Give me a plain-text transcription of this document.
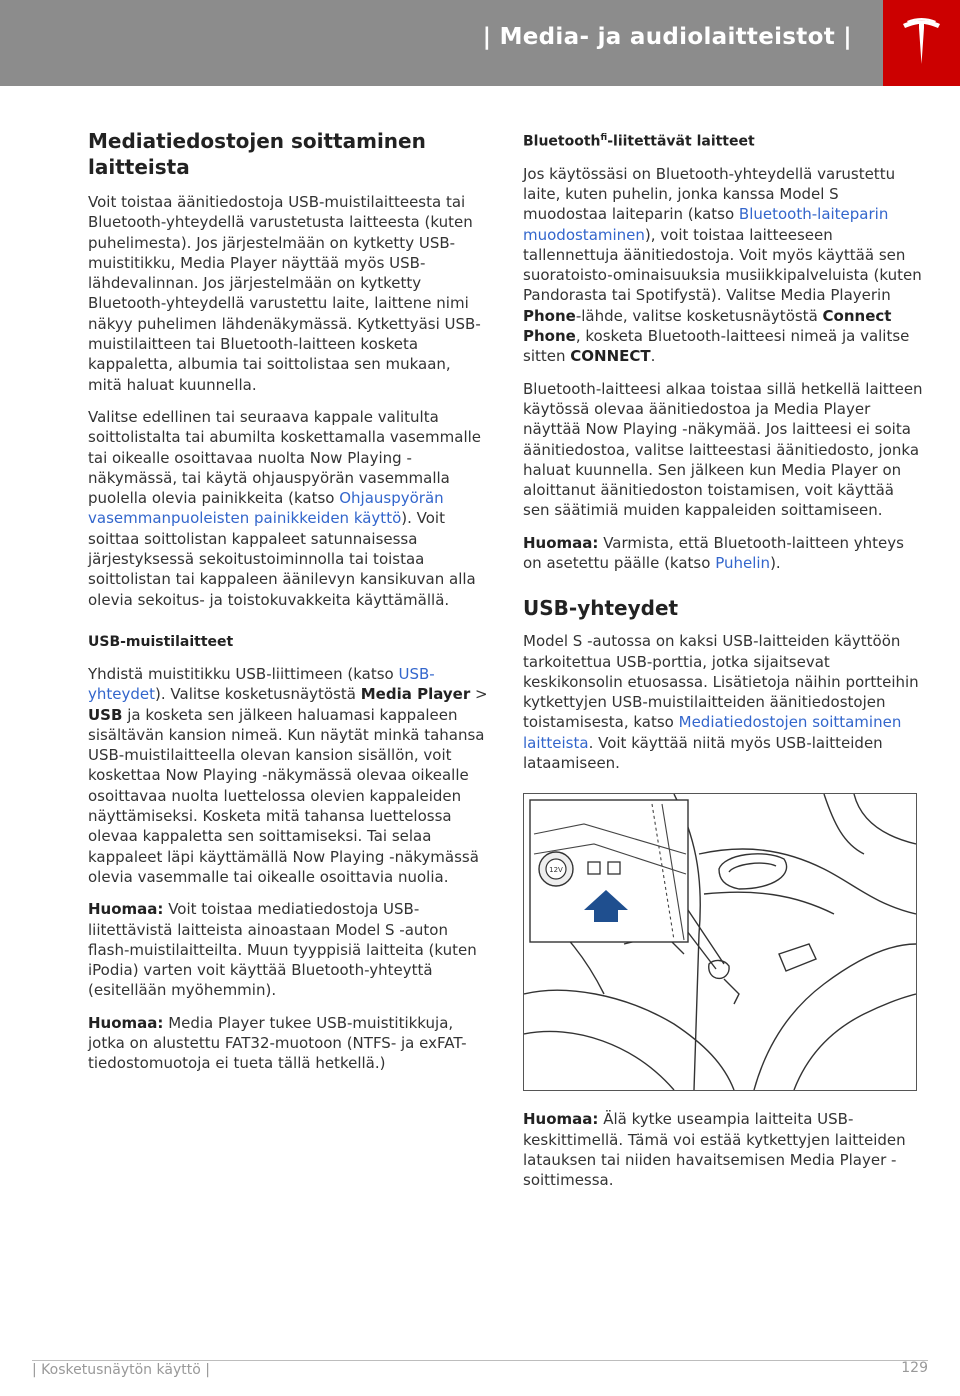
| Media- ja audiolaitteistot |
Mediatiedostojen soittaminen
laitteista

Voit toistaa äänitiedostoja USB-muistilaitteesta tai Bluetooth-yhteydellä varustetusta laitteesta (kuten puhelimesta). Jos järjestelmään on kytketty USB-muistitikku, Media Player näyttää myös USB-lähdevalinnan. Jos järjestelmään on kytketty Bluetooth-yhteydellä varustettu laite, laittene nimi näkyy puhelimen lähdenäkymässä. Kytkettyäsi USB-muistilaitteen tai Bluetooth-laitteen kosketa kappaletta, albumia tai soittolistaa sen mukaan, mitä haluat kuunnella.

Valitse edellinen tai seuraava kappale valitulta soittolistalta tai abumilta koskettamalla vasemmalle tai oikealle osoittavaa nuolta Now Playing -näkymässä, tai käytä ohjauspyörän vasemmalla puolella olevia painikkeita (katso Ohjauspyörän vasemmanpuoleisten painikkeiden käyttö). Voit soittaa soittolistan kappaleet satunnaisessa järjestyksessä sekoitustoiminnolla tai toistaa soittolistan tai kappaleen äänilevyn kansikuvan alla olevia sekoitus- ja toistokuvakkeita käyttämällä.

USB-muistilaitteet

Yhdistä muistitikku USB-liittimeen (katso USB-yhteydet). Valitse kosketusnäytöstä Media Player > USB ja kosketa sen jälkeen haluamasi kappaleen sisältävän kansion nimeä. Kun näytät minkä tahansa USB-muistilaitteella olevan kansion sisällön, voit koskettaa Now Playing -näkymässä olevaa oikealle osoittavaa nuolta luettelossa olevien kappaleiden näyttämiseksi. Kosketa mitä tahansa luettelossa olevaa kappaletta sen soittamiseksi. Tai selaa kappaleet läpi käyttämällä Now Playing -näkymässä olevia vasemmalle tai oikealle osoittavia nuolia.

Huomaa: Voit toistaa mediatiedostoja USB-liitettävistä laitteista ainoastaan Model S -auton flash-muistilaitteilta. Muun tyyppisiä laitteita (kuten iPodia) varten voit käyttää Bluetooth-yhteyttä (esitellään myöhemmin).

Huomaa: Media Player tukee USB-muistitikkuja, jotka on alustettu FAT32-muotoon (NTFS- ja exFAT-tiedostomuotoja ei tueta tällä hetkellä.)

Bluetooth$^{fi}$-liitettävät laitteet

Jos käytössäsi on Bluetooth-yhteydellä varustettu laite, kuten puhelin, jonka kanssa Model S muodostaa laiteparin (katso Bluetooth-laiteparin muodostaminen), voit toistaa laitteeseen tallennettuja äänitiedostoja. Voit myös käyttää sen suoratoisto-ominaisuuksia musiikkipalveluista (kuten Pandorasta tai Spotifystä). Valitse Media Playerin Phone-lähde, valitse kosketusnäytöstä Connect Phone, kosketa Bluetooth-laitteesi nimeä ja valitse sitten CONNECT.

Bluetooth-laitteesi alkaa toistaa sillä hetkellä laitteen käytössä olevaa äänitiedostoa ja Media Player näyttää Now Playing -näkymää. Jos laitteesi ei soita äänitiedostoa, valitse laitteestasi äänitiedosto, jonka haluat kuunnella. Sen jälkeen kun Media Player on aloittanut äänitiedoston toistamisen, voit käyttää sen säätimiä muiden kappaleiden soittamiseen.

Huomaa: Varmista, että Bluetooth-laitteen yhteys on asetettu päälle (katso Puhelin).

USB-yhteydet

Model S -autossa on kaksi USB-laitteiden käyttöön tarkoitettua USB-porttia, jotka sijaitsevat keskikonsolin etuosassa. Lisätietoja näihin portteihin kytkettyjen USB-muistilaitteiden äänitiedostojen toistamisesta, katso Mediatiedostojen soittaminen laitteista. Voit käyttää niitä myös USB-laitteiden lataamiseen.

12V

Huomaa: Älä kytke useampia laitteita USB-keskittimellä. Tämä voi estää kytkettyjen laitteiden latauksen tai niiden havaitsemisen Media Player -soittimessa.

| Kosketusnäytön käyttö |	129
